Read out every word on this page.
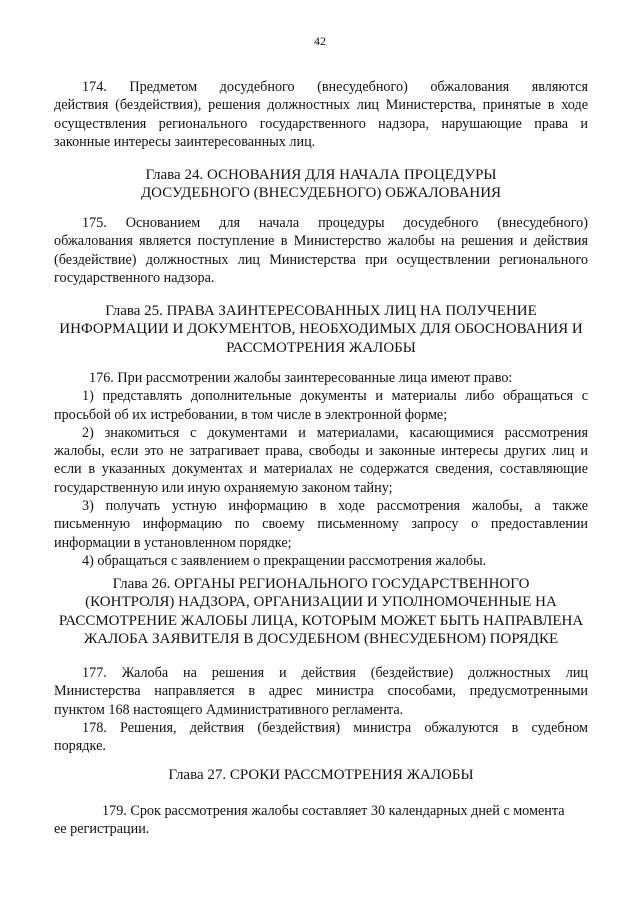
42
174. Предметом досудебного (внесудебного) обжалования являются
действия (бездействия), решения должностных лиц Министерства, принятые в ходе
осуществления регионального государственного надзора, нарушающие права и
законные интересы заинтересованных лиц.
Глава 24. ОСНОВАНИЯ ДЛЯ НАЧАЛА ПРОЦЕДУРЫ
ДОСУДЕБНОГО (ВНЕСУДЕБНОГО) ОБЖАЛОВАНИЯ
175. Основанием для начала процедуры досудебного (внесудебного)
обжалования является поступление в Министерство жалобы на решения и действия
(бездействие) должностных лиц Министерства при осуществлении регионального
государственного надзора.
Глава 25. ПРАВА ЗАИНТЕРЕСОВАННЫХ ЛИЦ НА ПОЛУЧЕНИЕ
ИНФОРМАЦИИ И ДОКУМЕНТОВ, НЕОБХОДИМЫХ ДЛЯ ОБОСНОВАНИЯ И
РАССМОТРЕНИЯ ЖАЛОБЫ
176. При рассмотрении жалобы заинтересованные лица имеют право:
1) представлять дополнительные документы и материалы либо обращаться с
просьбой об их истребовании, в том числе в электронной форме;
2) знакомиться с документами и материалами, касающимися рассмотрения
жалобы, если это не затрагивает права, свободы и законные интересы других лиц и
если в указанных документах и материалах не содержатся сведения, составляющие
государственную или иную охраняемую законом тайну;
3) получать устную информацию в ходе рассмотрения жалобы, а также
письменную информацию по своему письменному запросу о предоставлении
информации в установленном порядке;
4) обращаться с заявлением о прекращении рассмотрения жалобы.
Глава 26. ОРГАНЫ РЕГИОНАЛЬНОГО ГОСУДАРСТВЕННОГО
(КОНТРОЛЯ) НАДЗОРА, ОРГАНИЗАЦИИ И УПОЛНОМОЧЕННЫЕ НА
РАССМОТРЕНИЕ ЖАЛОБЫ ЛИЦА, КОТОРЫМ МОЖЕТ БЫТЬ НАПРАВЛЕНА
ЖАЛОБА ЗАЯВИТЕЛЯ В ДОСУДЕБНОМ (ВНЕСУДЕБНОМ) ПОРЯДКЕ
177. Жалоба на решения и действия (бездействие) должностных лиц
Министерства направляется в адрес министра способами, предусмотренными
пунктом 168 настоящего Административного регламента.
178. Решения, действия (бездействия) министра обжалуются в судебном
порядке.
Глава 27. СРОКИ РАССМОТРЕНИЯ ЖАЛОБЫ
179. Срок рассмотрения жалобы составляет 30 календарных дней с момента
ее регистрации.
